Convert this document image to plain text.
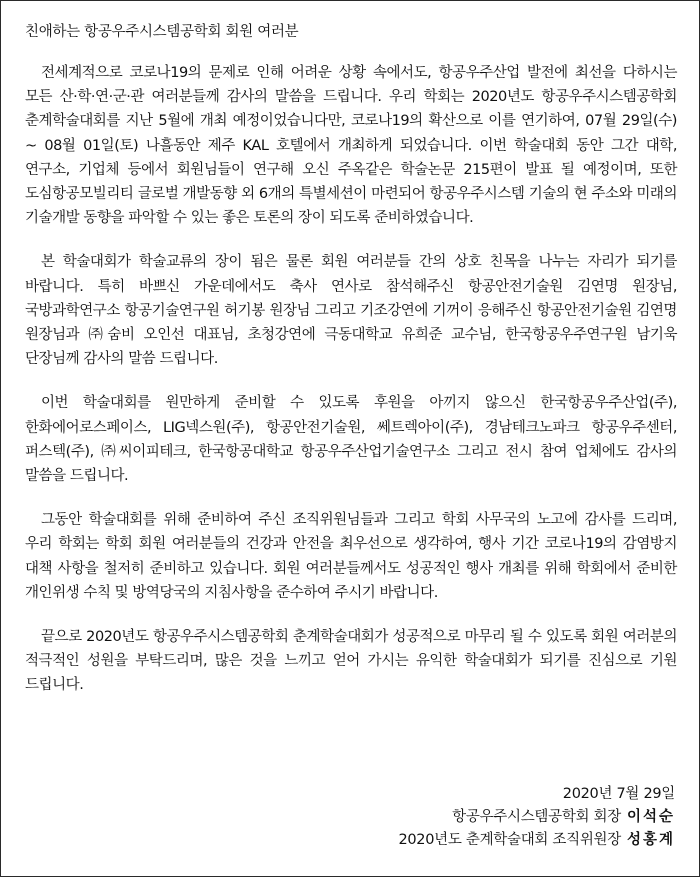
친애하는 항공우주시스템공학회 회원 여러분

전세계적으로 코로나19의 문제로 인해 어려운 상황 속에서도, 항공우주산업 발전에 최선을 다하시는 모든 산·학·연·군·관 여러분들께 감사의 말씀을 드립니다. 우리 학회는 2020년도 항공우주시스템공학회 춘계학술대회를 지난 5월에 개최 예정이었습니다만, 코로나19의 확산으로 이를 연기하여, 07월 29일(수) ~ 08월 01일(토) 나흘동안 제주 KAL 호텔에서 개최하게 되었습니다. 이번 학술대회 동안 그간 대학, 연구소, 기업체 등에서 회원님들이 연구해 오신 주옥같은 학술논문 215편이 발표 될 예정이며, 또한 도심항공모빌리티 글로벌 개발동향 외 6개의 특별세션이 마련되어 항공우주시스템 기술의 현 주소와 미래의 기술개발 동향을 파악할 수 있는 좋은 토론의 장이 되도록 준비하였습니다.

본 학술대회가 학술교류의 장이 됨은 물론 회원 여러분들 간의 상호 친목을 나누는 자리가 되기를 바랍니다. 특히 바쁘신 가운데에서도 축사 연사로 참석해주신 항공안전기술원 김연명 원장님, 국방과학연구소 항공기술연구원 허기봉 원장님 그리고 기조강연에 기꺼이 응해주신 항공안전기술원 김연명 원장님과 ㈜숨비 오인선 대표님, 초청강연에 극동대학교 유희준 교수님, 한국항공우주연구원 남기욱 단장님께 감사의 말씀 드립니다.

이번 학술대회를 원만하게 준비할 수 있도록 후원을 아끼지 않으신 한국항공우주산업(주), 한화에어로스페이스, LIG넥스원(주), 항공안전기술원, 쎄트렉아이(주), 경남테크노파크 항공우주센터, 퍼스텍(주), ㈜씨이피테크, 한국항공대학교 항공우주산업기술연구소 그리고 전시 참여 업체에도 감사의 말씀을 드립니다.

그동안 학술대회를 위해 준비하여 주신 조직위원님들과 그리고 학회 사무국의 노고에 감사를 드리며, 우리 학회는 학회 회원 여러분들의 건강과 안전을 최우선으로 생각하여, 행사 기간 코로나19의 감염방지 대책 사항을 철저히 준비하고 있습니다. 회원 여러분들께서도 성공적인 행사 개최를 위해 학회에서 준비한 개인위생 수칙 및 방역당국의 지침사항을 준수하여 주시기 바랍니다.

끝으로 2020년도 항공우주시스템공학회 춘계학술대회가 성공적으로 마무리 될 수 있도록 회원 여러분의 적극적인 성원을 부탁드리며, 많은 것을 느끼고 얻어 가시는 유익한 학술대회가 되기를 진심으로 기원 드립니다.

2020년 7월 29일
항공우주시스템공학회 회장 이석순
2020년도 춘계학술대회 조직위원장 성홍계
